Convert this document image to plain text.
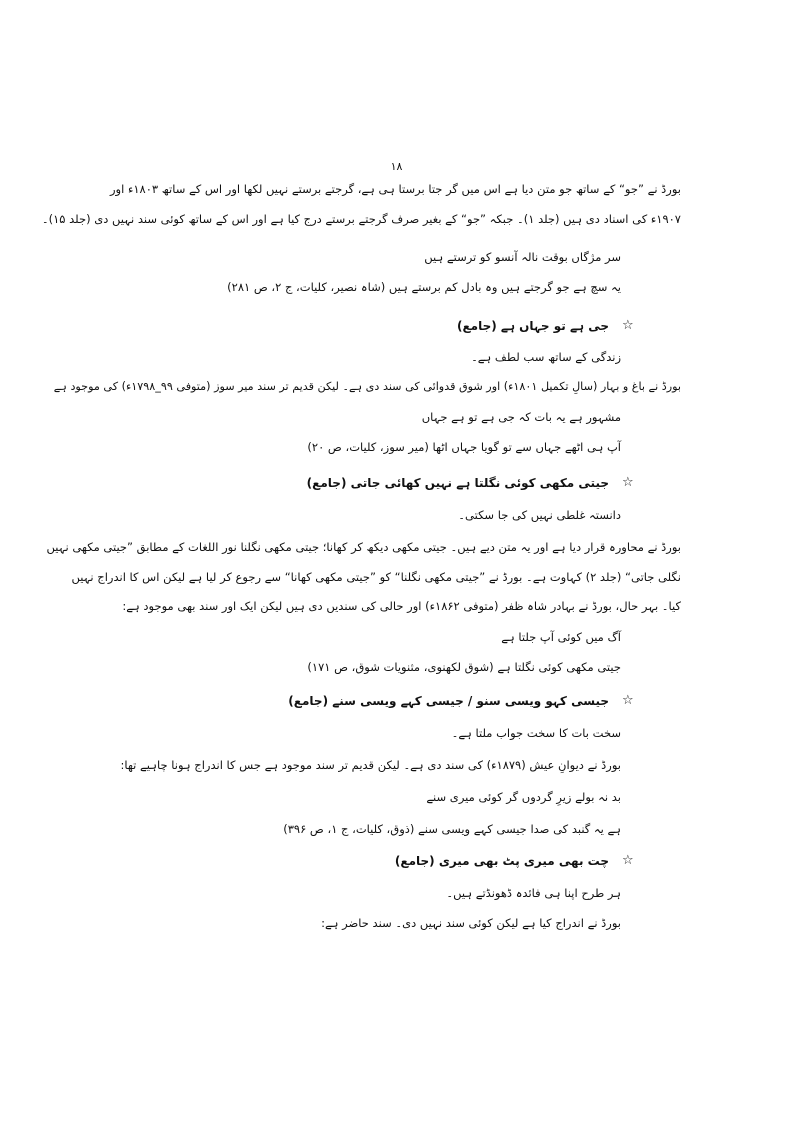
۱۸
بورڈ نے ”جو“ کے ساتھ جو متن دیا ہے اس میں گر جتا برستا ہی ہے، گرجتے برستے نہیں لکھا اور اس کے ساتھ ۱۸۰۳ء اور
۱۹۰۷ء کی اسناد دی ہیں (جلد ۱)۔ جبکہ ”جو“ کے بغیر صرف گرجتے برستے درج کیا ہے اور اس کے ساتھ کوئی سند نہیں دی (جلد ۱۵)۔
سر مژگاں بوقت نالہ آنسو کو ترستے ہیں
یہ سچ ہے جو گرجتے ہیں وہ بادل کم برستے ہیں (شاہ نصیر، کلیات، ج ۲، ص ۲۸۱)
☆
جی ہے تو جہاں ہے (جامع)
زندگی کے ساتھ سب لطف ہے۔
بورڈ نے باغ و بہار (سالِ تکمیل ۱۸۰۱ء) اور شوق قدوائی کی سند دی ہے۔ لیکن قدیم تر سند میر سوز (متوفی ۹۹_۱۷۹۸ء) کی موجود ہے
مشہور ہے یہ بات کہ جی ہے تو ہے جہاں
آپ ہی اٹھے جہاں سے تو گویا جہاں اٹھا (میر سوز، کلیات، ص ۲۰)
☆
جیتی مکھی کوئی نگلتا ہے نہیں کھائی جاتی (جامع)
دانستہ غلطی نہیں کی جا سکتی۔
بورڈ نے محاورہ قرار دیا ہے اور یہ متن دیے ہیں۔ جیتی مکھی دیکھ کر کھانا؛ جیتی مکھی نگلنا نور اللغات کے مطابق ”جیتی مکھی نہیں
نگلی جاتی“ (جلد ۲) کہاوت ہے۔ بورڈ نے ”جیتی مکھی نگلنا“ کو ”جیتی مکھی کھانا“ سے رجوع کر لیا ہے لیکن اس کا اندراج نہیں
کیا۔ بہر حال، بورڈ نے بہادر شاہ ظفر (متوفی ۱۸۶۲ء) اور حالی کی سندیں دی ہیں لیکن ایک اور سند بھی موجود ہے:
آگ میں کوئی آپ جلتا ہے
جیتی مکھی کوئی نگلتا ہے (شوق لکھنوی، مثنویات شوق، ص ۱۷۱)
☆
جیسی کہو ویسی سنو / جیسی کہے ویسی سنے (جامع)
سخت بات کا سخت جواب ملتا ہے۔
بورڈ نے دیوانِ عیش (۱۸۷۹ء) کی سند دی ہے۔ لیکن قدیم تر سند موجود ہے جس کا اندراج ہونا چاہیے تھا:
بد نہ بولے زیرِ گردوں گر کوئی میری سنے
ہے یہ گنبد کی صدا جیسی کہے ویسی سنے (ذوق، کلیات، ج ۱، ص ۳۹۶)
☆
چت بھی میری پٹ بھی میری (جامع)
ہر طرح اپنا ہی فائدہ ڈھونڈتے ہیں۔
بورڈ نے اندراج کیا ہے لیکن کوئی سند نہیں دی۔ سند حاضر ہے:
